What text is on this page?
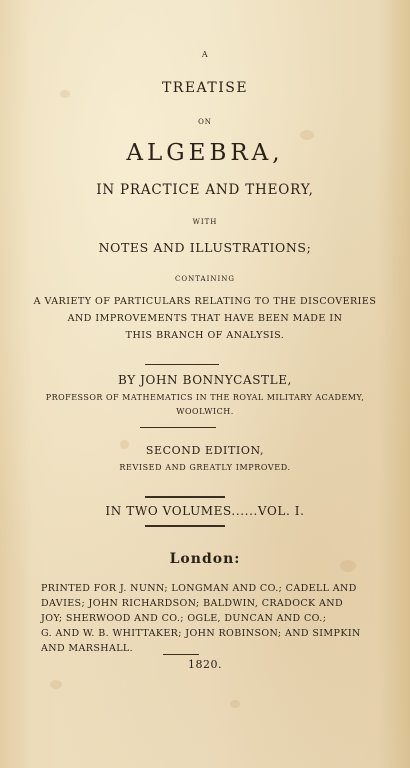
A
TREATISE
ON
ALGEBRA,
IN PRACTICE AND THEORY,
WITH
NOTES AND ILLUSTRATIONS;
CONTAINING
A VARIETY OF PARTICULARS RELATING TO THE DISCOVERIES
AND IMPROVEMENTS THAT HAVE BEEN MADE IN
THIS BRANCH OF ANALYSIS.
BY JOHN BONNYCASTLE,
PROFESSOR OF MATHEMATICS IN THE ROYAL MILITARY ACADEMY,
WOOLWICH.
SECOND EDITION,
REVISED AND GREATLY IMPROVED.
IN TWO VOLUMES......VOL. I.
London:
PRINTED FOR J. NUNN; LONGMAN AND CO.; CADELL AND
DAVIES; JOHN RICHARDSON; BALDWIN, CRADOCK AND
JOY; SHERWOOD AND CO.; OGLE, DUNCAN AND CO.;
G. AND W. B. WHITTAKER; JOHN ROBINSON; AND SIMPKIN
AND MARSHALL.
1820.
